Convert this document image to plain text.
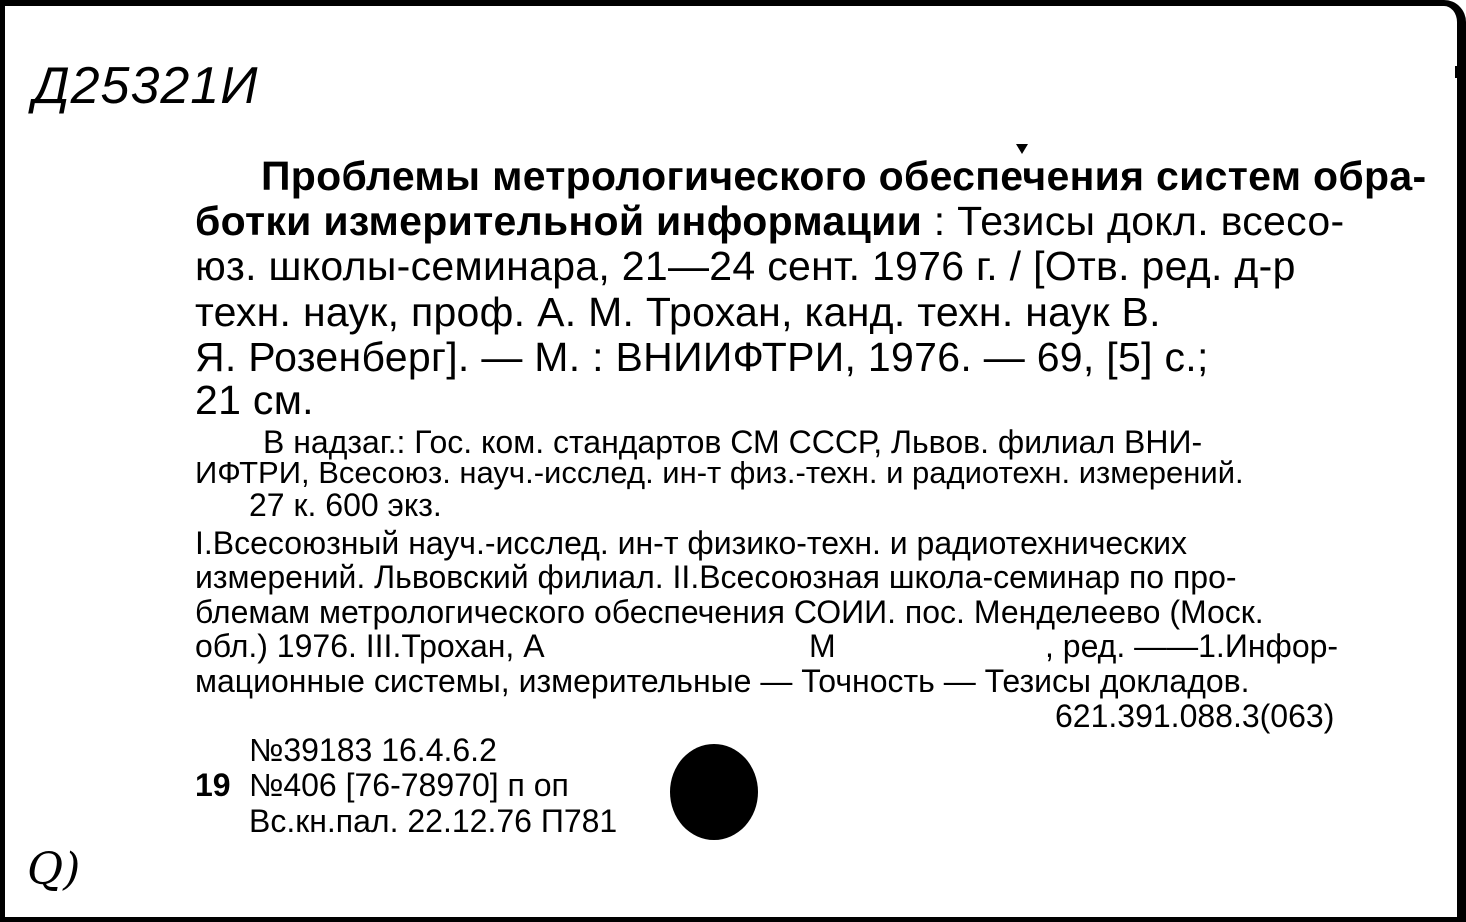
Д25321И
Проблемы метрологического обеспечения систем обра-
ботки измерительной информации : Тезисы докл. всесо-
юз. школы-семинара, 21—24 сент. 1976 г. / [Отв. ред. д-р
техн. наук, проф. А. М. Трохан, канд. техн. наук В.
Я. Розенберг]. — М. : ВНИИФТРИ, 1976. — 69, [5] с.;
21 см.
В надзаг.: Гос. ком. стандартов СМ СССР, Львов. филиал ВНИ-
ИФТРИ, Всесоюз. науч.-исслед. ин-т физ.-техн. и радиотехн. измерений.
27 к. 600 экз.
I.Всесоюзный науч.-исслед. ин-т физико-техн. и радиотехнических
измерений. Львовский филиал. II.Всесоюзная школа-семинар по про-
блемам метрологического обеспечения СОИИ. пос. Менделеево (Моск.
обл.) 1976. III.Трохан, А	М	, ред. ——1.Инфор-
мационные системы, измерительные — Точность — Тезисы докладов.
621.391.088.3(063)
№39183 16.4.6.2
19 №406 [76-78970] п оп
Вс.кн.пал. 22.12.76 П781
Q)
